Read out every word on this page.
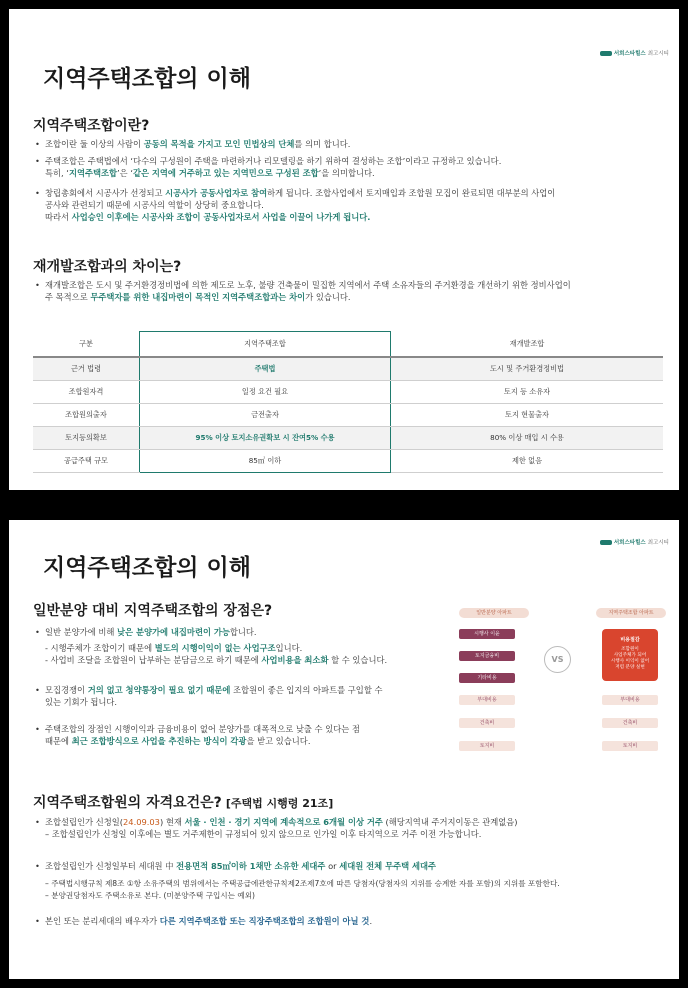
서희스타힐스 최고시티
지역주택조합의 이해
지역주택조합이란?
• 조합이란 둘 이상의 사람이 공동의 목적을 가지고 모인 민법상의 단체를 의미 합니다.
• 주택조합은 주택법에서 ‘다수의 구성원이 주택을 마련하거나 리모델링을 하기 위하여 결성하는 조합’이라고 규정하고 있습니다.
특히, ‘지역주택조합’은 ‘같은 지역에 거주하고 있는 지역민으로 구성된 조합’을 의미합니다.
• 창립총회에서 시공사가 선정되고 시공사가 공동사업자로 참여하게 됩니다. 조합사업에서 토지매입과 조합원 모집이 완료되면 대부분의 사업이
공사와 관련되기 때문에 시공사의 역할이 상당히 중요합니다.
따라서 사업승인 이후에는 시공사와 조합이 공동사업자로서 사업을 이끌어 나가게 됩니다.
재개발조합과의 차이는?
• 재개발조합은 도시 및 주거환경정비법에 의한 제도로 노후, 불량 건축물이 밀집한 지역에서 주택 소유자들의 주거환경을 개선하기 위한 정비사업이
주 목적으로 무주택자를 위한 내집마련이 목적인 지역주택조합과는 차이가 있습니다.
구분	지역주택조합	재개발조합
근거 법령	주택법	도시 및 주거환경정비법
조합원자격	일정 요건 필요	토지 등 소유자
조합원의출자	금전출자	토지 현물출자
토지등의확보	95% 이상 토지소유권확보 시 잔여5% 수용	80% 이상 매입 시 수용
공급주택 규모	85㎡ 이하	제한 없음
서희스타힐스 최고시티
지역주택조합의 이해
일반분양 대비 지역주택조합의 장점은?
• 일반 분양가에 비해 낮은 분양가에 내집마련이 가능합니다.
- 시행주체가 조합이기 때문에 별도의 시행이익이 없는 사업구조입니다.
- 사업비 조달을 조합원이 납부하는 분담금으로 하기 때문에 사업비용을 최소화 할 수 있습니다.
• 모집경쟁이 거의 없고 청약통장이 필요 없기 때문에 조합원이 좋은 입지의 아파트를 구입할 수
있는 기회가 됩니다.
• 주택조합의 장점인 시행이익과 금융비용이 없어 분양가를 대폭적으로 낮출 수 있다는 점
때문에 최근 조합방식으로 사업을 추진하는 방식이 각광을 받고 있습니다.
일반분양 아파트	지역주택조합 아파트
시행사 이윤
토지금융비
기타비용
부대비용
건축비
토지비
VS
비용절감
조합원이
사업주체가 되어
시행사 이익이 없어
저렴 분양 실현
부대비용
건축비
토지비
지역주택조합원의 자격요건은? [주택법 시행령 21조]
• 조합설립인가 신청일(24.09.03) 현재 서울 · 인천 · 경기 지역에 계속적으로 6개월 이상 거주 (해당지역내 주거지이동은 관계없음)
– 조합설립인가 신청일 이후에는 별도 거주제한이 규정되어 있지 않으므로 인가일 이후 타지역으로 거주 이전 가능합니다.
• 조합설립인가 신청일부터 세대원 中 전용면적 85㎡이하 1채만 소유한 세대주 or 세대원 전체 무주택 세대주
– 주택법시행규칙 제8조 ①항 소유주택의 범위에서는 주택공급에관한규칙제2조제7호에 따른 당첨자(당첨자의 지위를 승계한 자를 포함)의 지위를 포함한다.
– 분양권당첨자도 주택소유로 본다. (미분양주택 구입시는 예외)
• 본인 또는 분리세대의 배우자가 다른 지역주택조합 또는 직장주택조합의 조합원이 아닐 것.
